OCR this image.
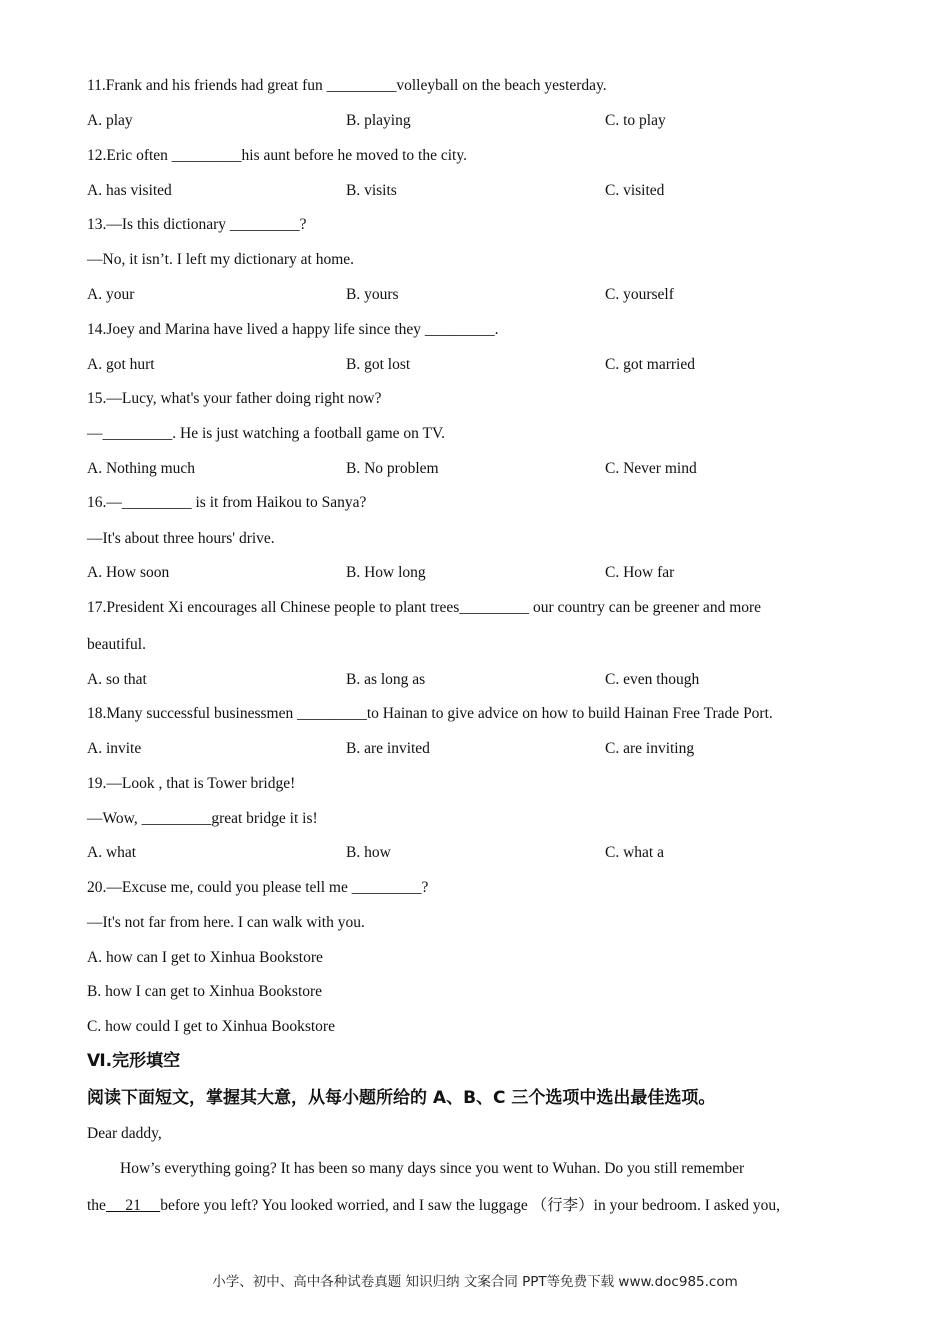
11.Frank and his friends had great fun _________volleyball on the beach yesterday.
A. play	B. playing	C. to play
12.Eric often _________his aunt before he moved to the city.
A. has visited	B. visits	C. visited
13.—Is this dictionary _________?
—No, it isn’t. I left my dictionary at home.
A. your	B. yours	C. yourself
14.Joey and Marina have lived a happy life since they _________.
A. got hurt	B. got lost	C. got married
15.—Lucy, what's your father doing right now?
—_________. He is just watching a football game on TV.
A. Nothing much	B. No problem	C. Never mind
16.—_________ is it from Haikou to Sanya?
—It's about three hours' drive.
A. How soon	B. How long	C. How far
17.President Xi encourages all Chinese people to plant trees_________ our country can be greener and more
beautiful.
A. so that	B. as long as	C. even though
18.Many successful businessmen _________to Hainan to give advice on how to build Hainan Free Trade Port.
A. invite	B. are invited	C. are inviting
19.—Look , that is Tower bridge!
—Wow, _________great bridge it is!
A. what	B. how	C. what a
20.—Excuse me, could you please tell me _________?
—It's not far from here. I can walk with you.
A. how can I get to Xinhua Bookstore
B. how I can get to Xinhua Bookstore
C. how could I get to Xinhua Bookstore
Ⅵ.完形填空
阅读下面短文，掌握其大意，从每小题所给的 A、B、C 三个选项中选出最佳选项。
Dear daddy,
How’s everything going? It has been so many days since you went to Wuhan. Do you still remember
the 21 before you left? You looked worried, and I saw the luggage （行李）in your bedroom. I asked you,
小学、初中、高中各种试卷真题 知识归纳 文案合同 PPT等免费下载 www.doc985.com
